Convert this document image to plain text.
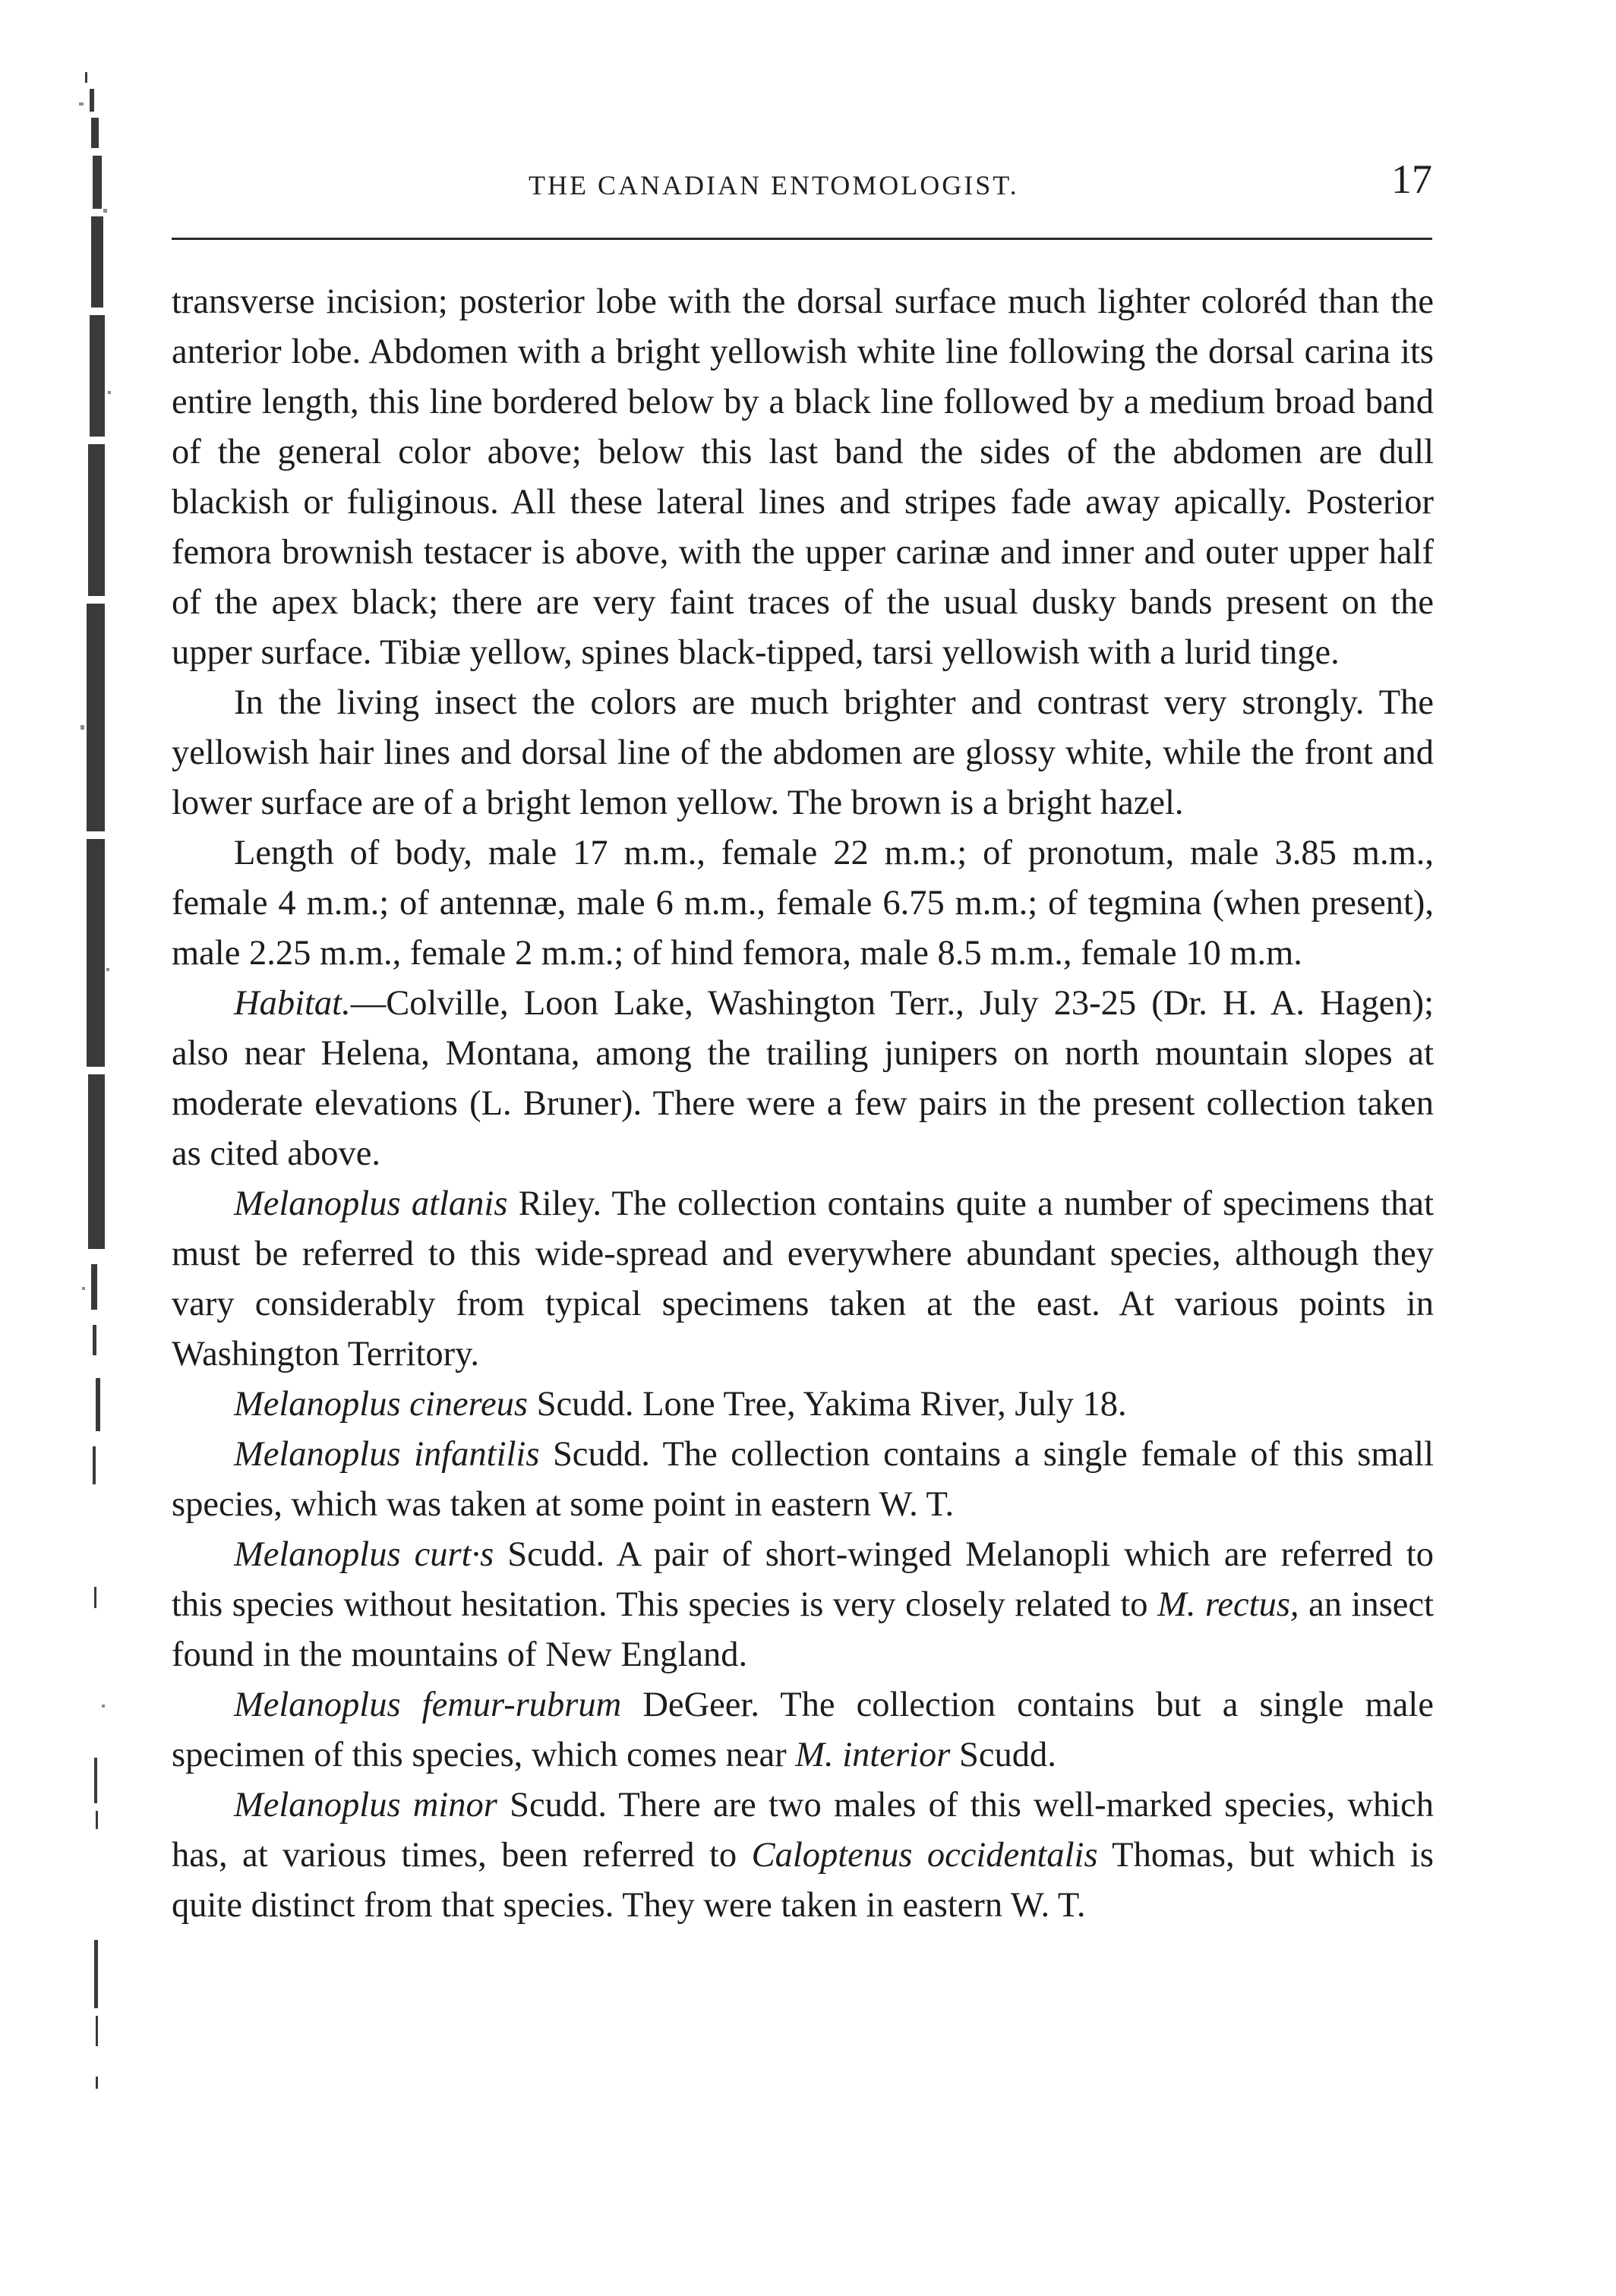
THE CANADIAN ENTOMOLOGIST.	17

transverse incision; posterior lobe with the dorsal surface much lighter coloréd than the anterior lobe. Abdomen with a bright yellowish white line following the dorsal carina its entire length, this line bordered below by a black line followed by a medium broad band of the general color above; below this last band the sides of the abdomen are dull blackish or fuliginous. All these lateral lines and stripes fade away apically. Posterior femora brownish testacer is above, with the upper carinæ and inner and outer upper half of the apex black; there are very faint traces of the usual dusky bands present on the upper surface. Tibiæ yellow, spines black-tipped, tarsi yellowish with a lurid tinge.

In the living insect the colors are much brighter and contrast very strongly. The yellowish hair lines and dorsal line of the abdomen are glossy white, while the front and lower surface are of a bright lemon yellow. The brown is a bright hazel.

Length of body, male 17 m.m., female 22 m.m.; of pronotum, male 3.85 m.m., female 4 m.m.; of antennæ, male 6 m.m., female 6.75 m.m.; of tegmina (when present), male 2.25 m.m., female 2 m.m.; of hind femora, male 8.5 m.m., female 10 m.m.

Habitat.—Colville, Loon Lake, Washington Terr., July 23-25 (Dr. H. A. Hagen); also near Helena, Montana, among the trailing junipers on north mountain slopes at moderate elevations (L. Bruner). There were a few pairs in the present collection taken as cited above.

Melanoplus atlanis Riley. The collection contains quite a number of specimens that must be referred to this wide-spread and everywhere abundant species, although they vary considerably from typical specimens taken at the east. At various points in Washington Territory.

Melanoplus cinereus Scudd. Lone Tree, Yakima River, July 18.

Melanoplus infantilis Scudd. The collection contains a single female of this small species, which was taken at some point in eastern W. T.

Melanoplus curt·s Scudd. A pair of short-winged Melanopli which are referred to this species without hesitation. This species is very closely related to M. rectus, an insect found in the mountains of New England.

Melanoplus femur-rubrum DeGeer. The collection contains but a single male specimen of this species, which comes near M. interior Scudd.

Melanoplus minor Scudd. There are two males of this well-marked species, which has, at various times, been referred to Caloptenus occidentalis Thomas, but which is quite distinct from that species. They were taken in eastern W. T.
